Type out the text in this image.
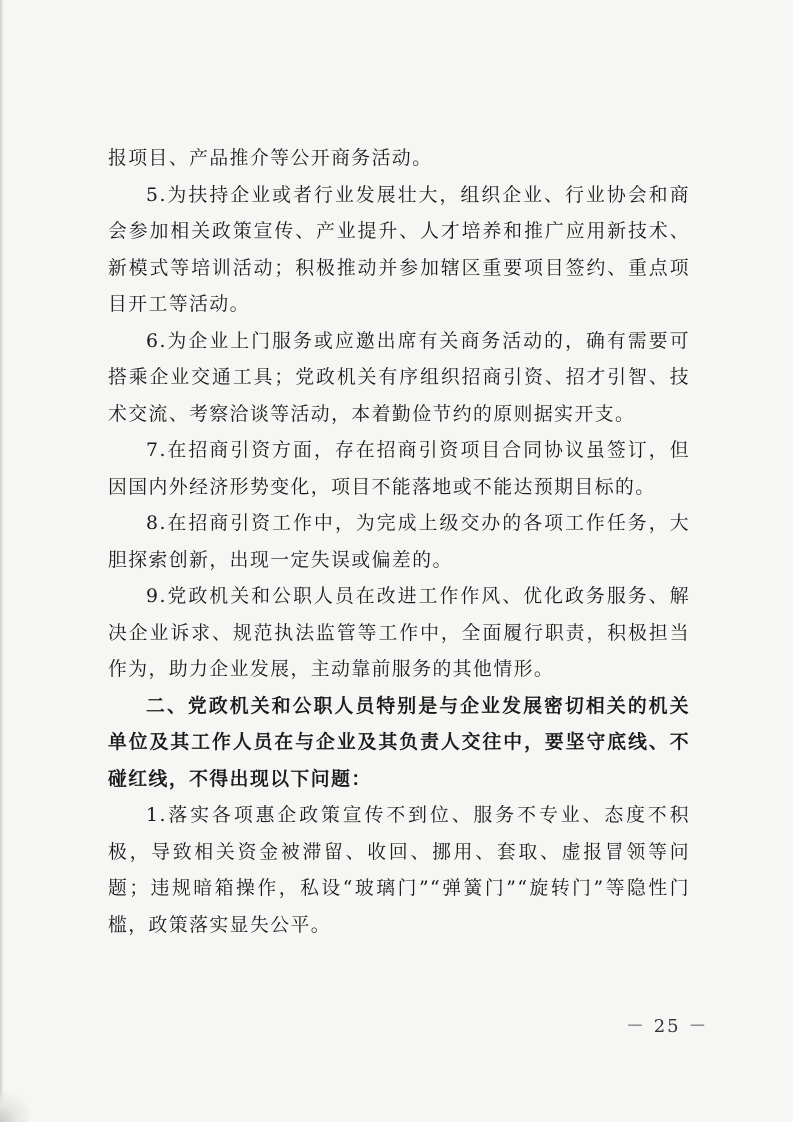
报项目、产品推介等公开商务活动。

5.为扶持企业或者行业发展壮大，组织企业、行业协会和商会参加相关政策宣传、产业提升、人才培养和推广应用新技术、新模式等培训活动；积极推动并参加辖区重要项目签约、重点项目开工等活动。

6.为企业上门服务或应邀出席有关商务活动的，确有需要可搭乘企业交通工具；党政机关有序组织招商引资、招才引智、技术交流、考察洽谈等活动，本着勤俭节约的原则据实开支。

7.在招商引资方面，存在招商引资项目合同协议虽签订，但因国内外经济形势变化，项目不能落地或不能达预期目标的。

8.在招商引资工作中，为完成上级交办的各项工作任务，大胆探索创新，出现一定失误或偏差的。

9.党政机关和公职人员在改进工作作风、优化政务服务、解决企业诉求、规范执法监管等工作中，全面履行职责，积极担当作为，助力企业发展，主动靠前服务的其他情形。

二、党政机关和公职人员特别是与企业发展密切相关的机关单位及其工作人员在与企业及其负责人交往中，要坚守底线、不碰红线，不得出现以下问题：

1.落实各项惠企政策宣传不到位、服务不专业、态度不积极，导致相关资金被滞留、收回、挪用、套取、虚报冒领等问题；违规暗箱操作，私设“玻璃门”“弹簧门”“旋转门”等隐性门槛，政策落实显失公平。

－ 25 －
